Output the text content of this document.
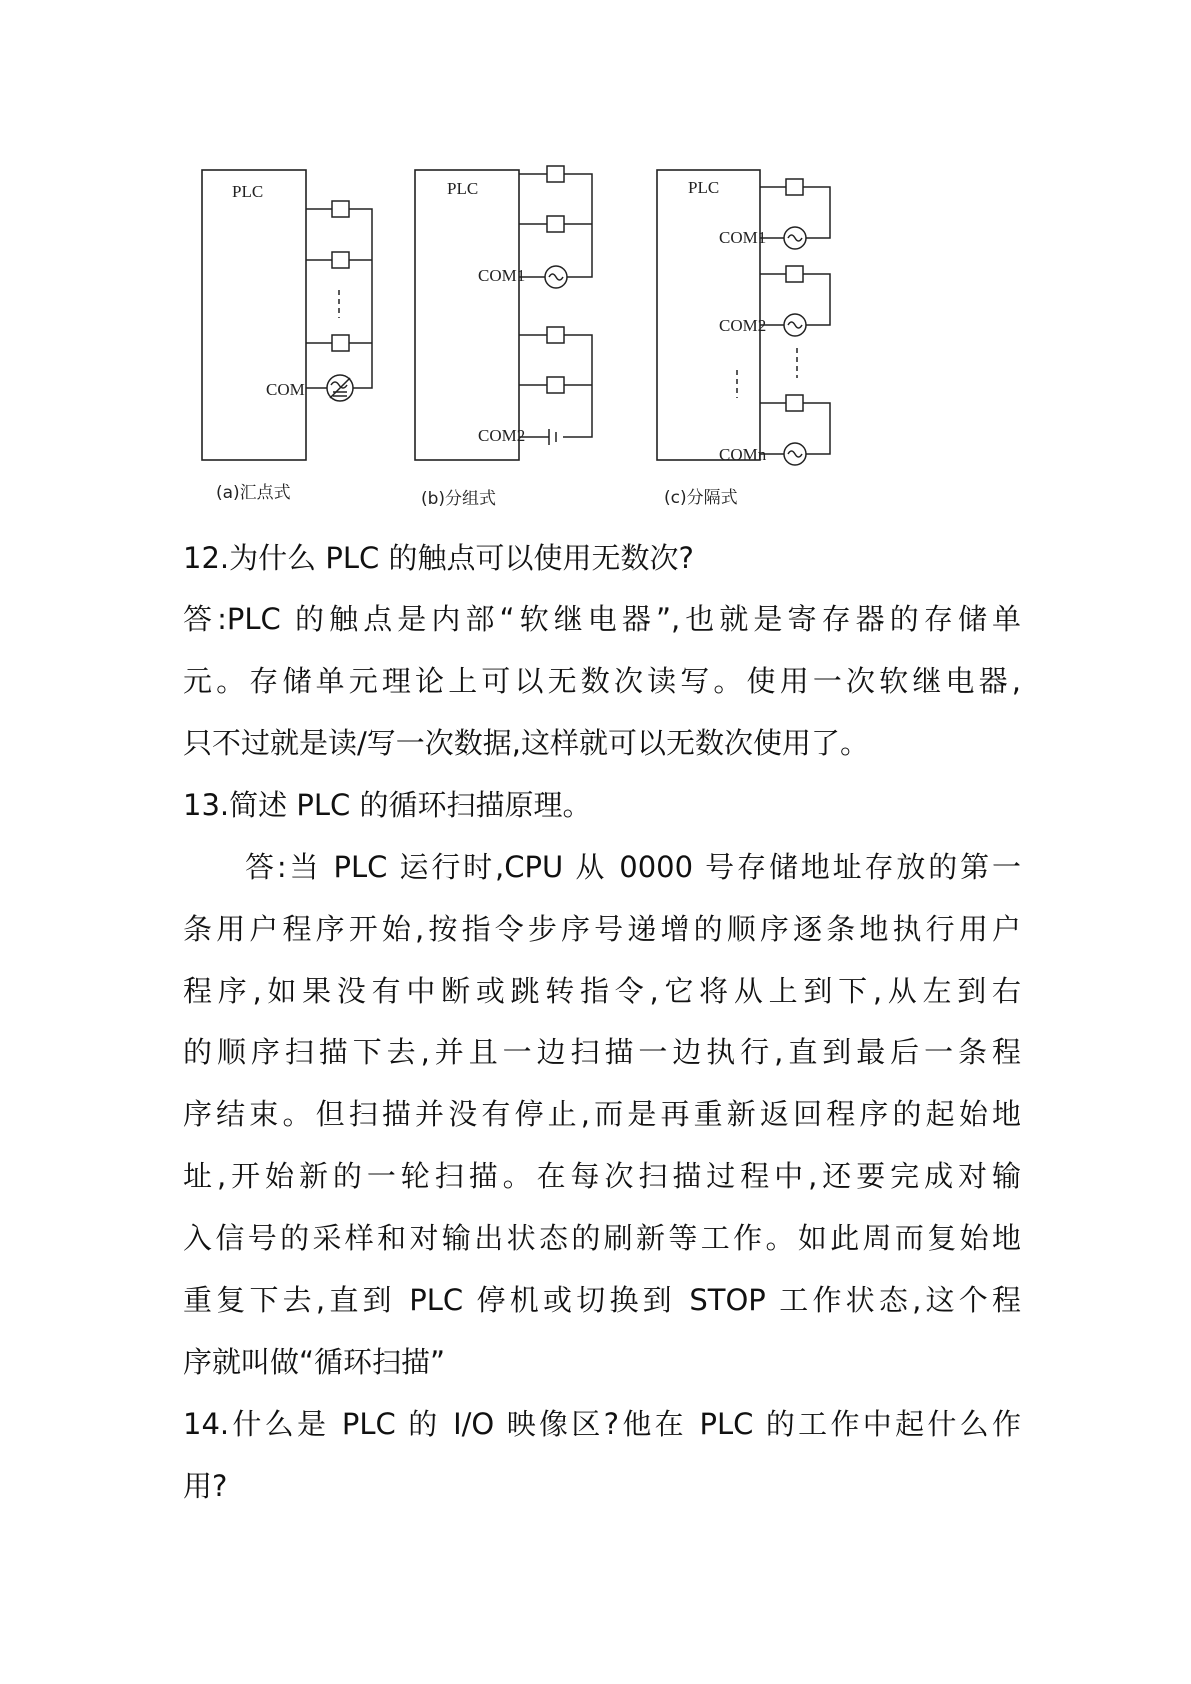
PLC
COM
PLC
COM1
COM2
PLC
COM1
COM2
COMn
(a)汇点式	(b)分组式	(c)分隔式
12.为什么 PLC 的触点可以使用无数次?
答:PLC 的触点是内部“软继电器”,也就是寄存器的存储单
元。存储单元理论上可以无数次读写。使用一次软继电器,
只不过就是读/写一次数据,这样就可以无数次使用了。
13.简述 PLC 的循环扫描原理。
答:当 PLC 运行时,CPU 从 0000 号存储地址存放的第一
条用户程序开始,按指令步序号递增的顺序逐条地执行用户
程序,如果没有中断或跳转指令,它将从上到下,从左到右
的顺序扫描下去,并且一边扫描一边执行,直到最后一条程
序结束。但扫描并没有停止,而是再重新返回程序的起始地
址,开始新的一轮扫描。在每次扫描过程中,还要完成对输
入信号的采样和对输出状态的刷新等工作。如此周而复始地
重复下去,直到 PLC 停机或切换到 STOP 工作状态,这个程
序就叫做“循环扫描”
14.什么是 PLC 的 I/O 映像区?他在 PLC 的工作中起什么作
用?
